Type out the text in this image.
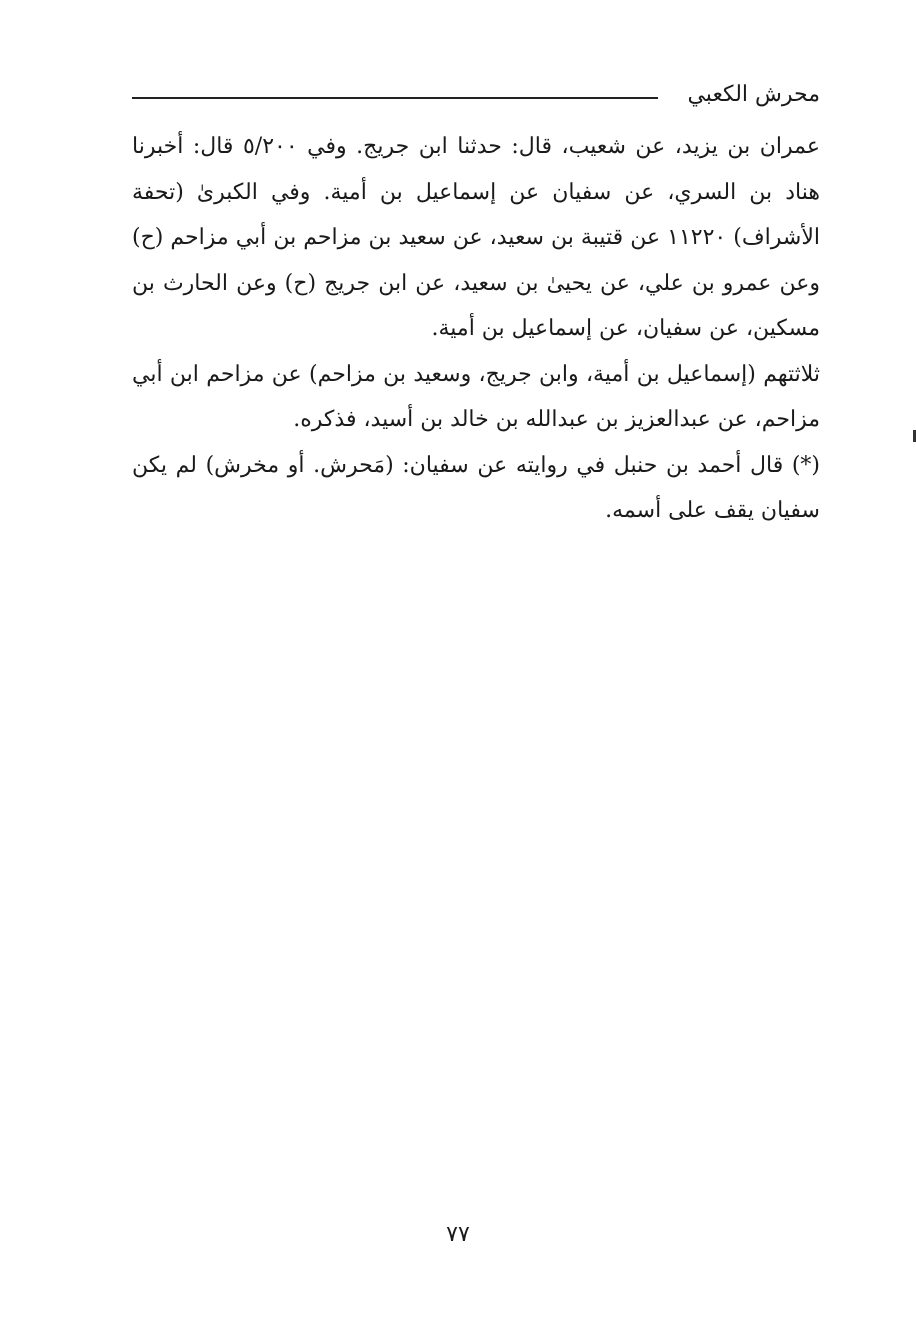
محرش الكعبي

عمران بن يزيد، عن شعيب، قال: حدثنا ابن جريج. وفي ٥/٢٠٠ قال: أخبرنا هناد بن السري، عن سفيان عن إسماعيل بن أمية. وفي الكبرىٰ (تحفة الأشراف) ١١٢٢٠ عن قتيبة بن سعيد، عن سعيد بن مزاحم بن أبي مزاحم (ح) وعن عمرو بن علي، عن يحيىٰ بن سعيد، عن ابن جريج (ح) وعن الحارث بن مسكين، عن سفيان، عن إسماعيل بن أمية.

ثلاثتهم (إسماعيل بن أمية، وابن جريج، وسعيد بن مزاحم) عن مزاحم ابن أبي مزاحم، عن عبدالعزيز بن عبدالله بن خالد بن أسيد، فذكره.

(*) قال أحمد بن حنبل في روايته عن سفيان: (مَحرش. أو مخرش) لم يكن سفيان يقف على أسمه.

٧٧
